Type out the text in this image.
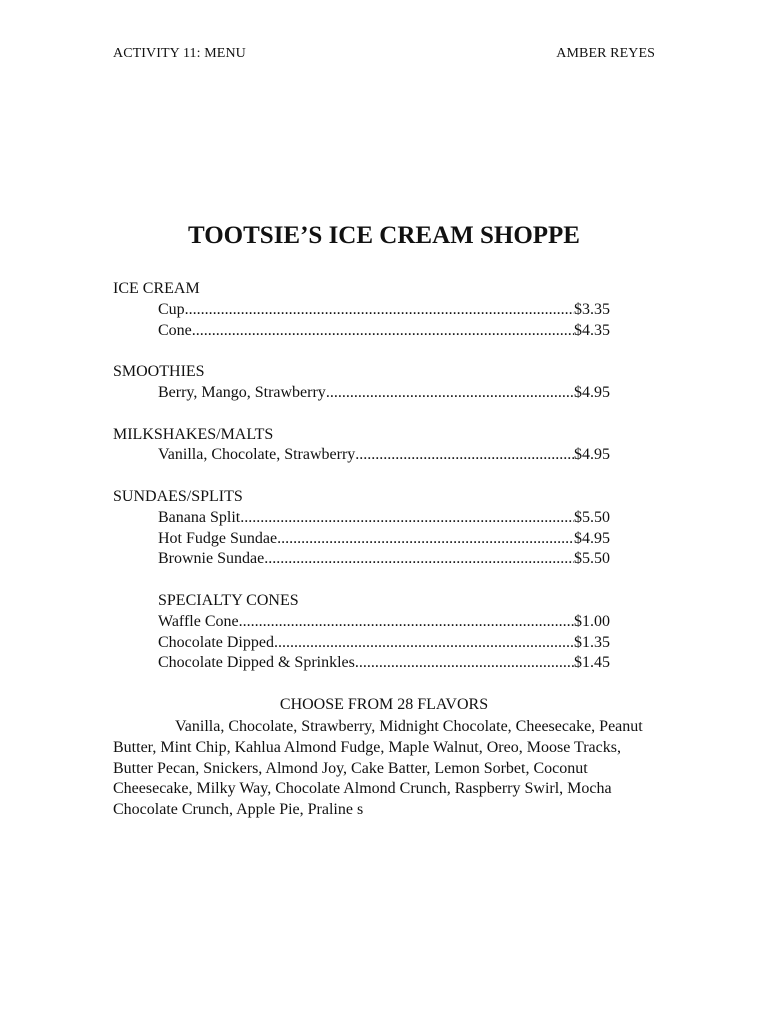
ACTIVITY 11: MENU	AMBER REYES
TOOTSIE’S ICE CREAM SHOPPE
ICE CREAM
Cup .....	$3.35
Cone .....	$4.35
SMOOTHIES
Berry, Mango, Strawberry .....	$4.95
MILKSHAKES/MALTS
Vanilla, Chocolate, Strawberry .....	$4.95
SUNDAES/SPLITS
Banana Split .....	$5.50
Hot Fudge Sundae .....	$4.95
Brownie Sundae .....	$5.50
SPECIALTY CONES
Waffle Cone .....	$1.00
Chocolate Dipped .....	$1.35
Chocolate Dipped & Sprinkles .....	$1.45
CHOOSE FROM 28 FLAVORS
Vanilla, Chocolate, Strawberry, Midnight Chocolate, Cheesecake, Peanut Butter, Mint Chip, Kahlua Almond Fudge, Maple Walnut, Oreo, Moose Tracks, Butter Pecan, Snickers, Almond Joy, Cake Batter, Lemon Sorbet, Coconut Cheesecake, Milky Way, Chocolate Almond Crunch, Raspberry Swirl, Mocha Chocolate Crunch, Apple Pie, Praline s
